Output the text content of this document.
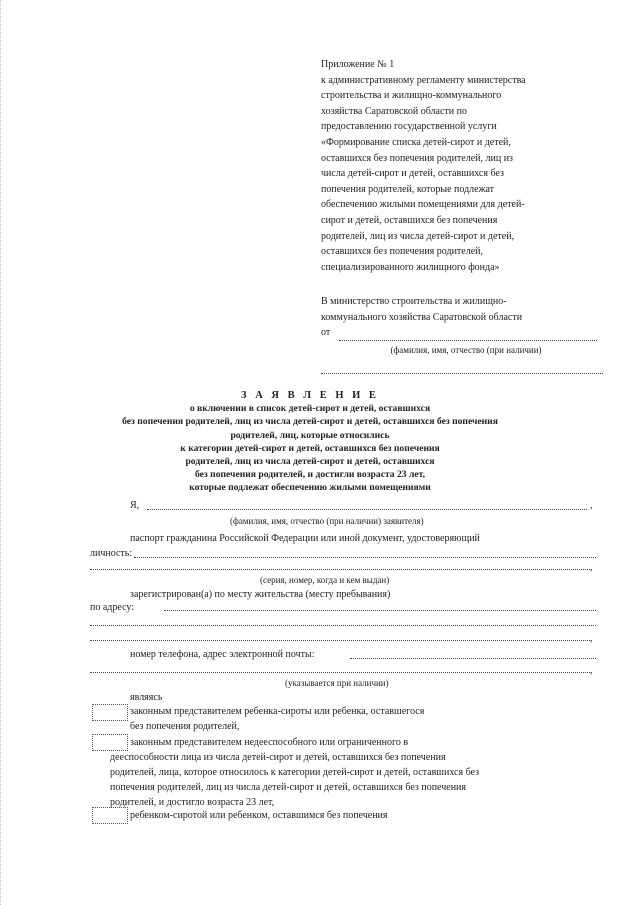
Приложение № 1
к административному регламенту министерства
строительства и жилищно-коммунального
хозяйства Саратовской области по
предоставлению государственной услуги
«Формирование списка детей-сирот и детей,
оставшихся без попечения родителей, лиц из
числа детей-сирот и детей, оставшихся без
попечения родителей, которые подлежат
обеспечению жилыми помещениями для детей-
сирот и детей, оставшихся без попечения
родителей, лиц из числа детей-сирот и детей,
оставшихся без попечения родителей,
специализированного жилищного фонда»
В министерство строительства и жилищно-
коммунального хозяйства Саратовской области
от
(фамилия, имя, отчество (при наличии)
З А Я В Л Е Н И Е
о включении в список детей-сирот и детей, оставшихся
без попечения родителей, лиц из числа детей-сирот и детей, оставшихся без попечения
родителей, лиц, которые относились
к категории детей-сирот и детей, оставшихся без попечения
родителей, лиц из числа детей-сирот и детей, оставшихся
без попечения родителей, и достигли возраста 23 лет,
которые подлежат обеспечению жилыми помещениями
Я,	,
(фамилия, имя, отчество (при наличии) заявителя)
паспорт гражданина Российской Федерации или иной документ, удостоверяющий
личность:
,
(серия, номер, когда и кем выдан)
зарегистрирован(а) по месту жительства (месту пребывания)
по адресу:
,
номер телефона, адрес электронной почты:
,
(указывается при наличии)
являясь
законным представителем ребенка-сироты или ребенка, оставшегося
без попечения родителей,
законным представителем недееспособного или ограниченного в
дееспособности лица из числа детей-сирот и детей, оставшихся без попечения
родителей, лица, которое относилось к категории детей-сирот и детей, оставшихся без
попечения родителей, лиц из числа детей-сирот и детей, оставшихся без попечения
родителей, и достигло возраста 23 лет,
ребенком-сиротой или ребенком, оставшимся без попечения
